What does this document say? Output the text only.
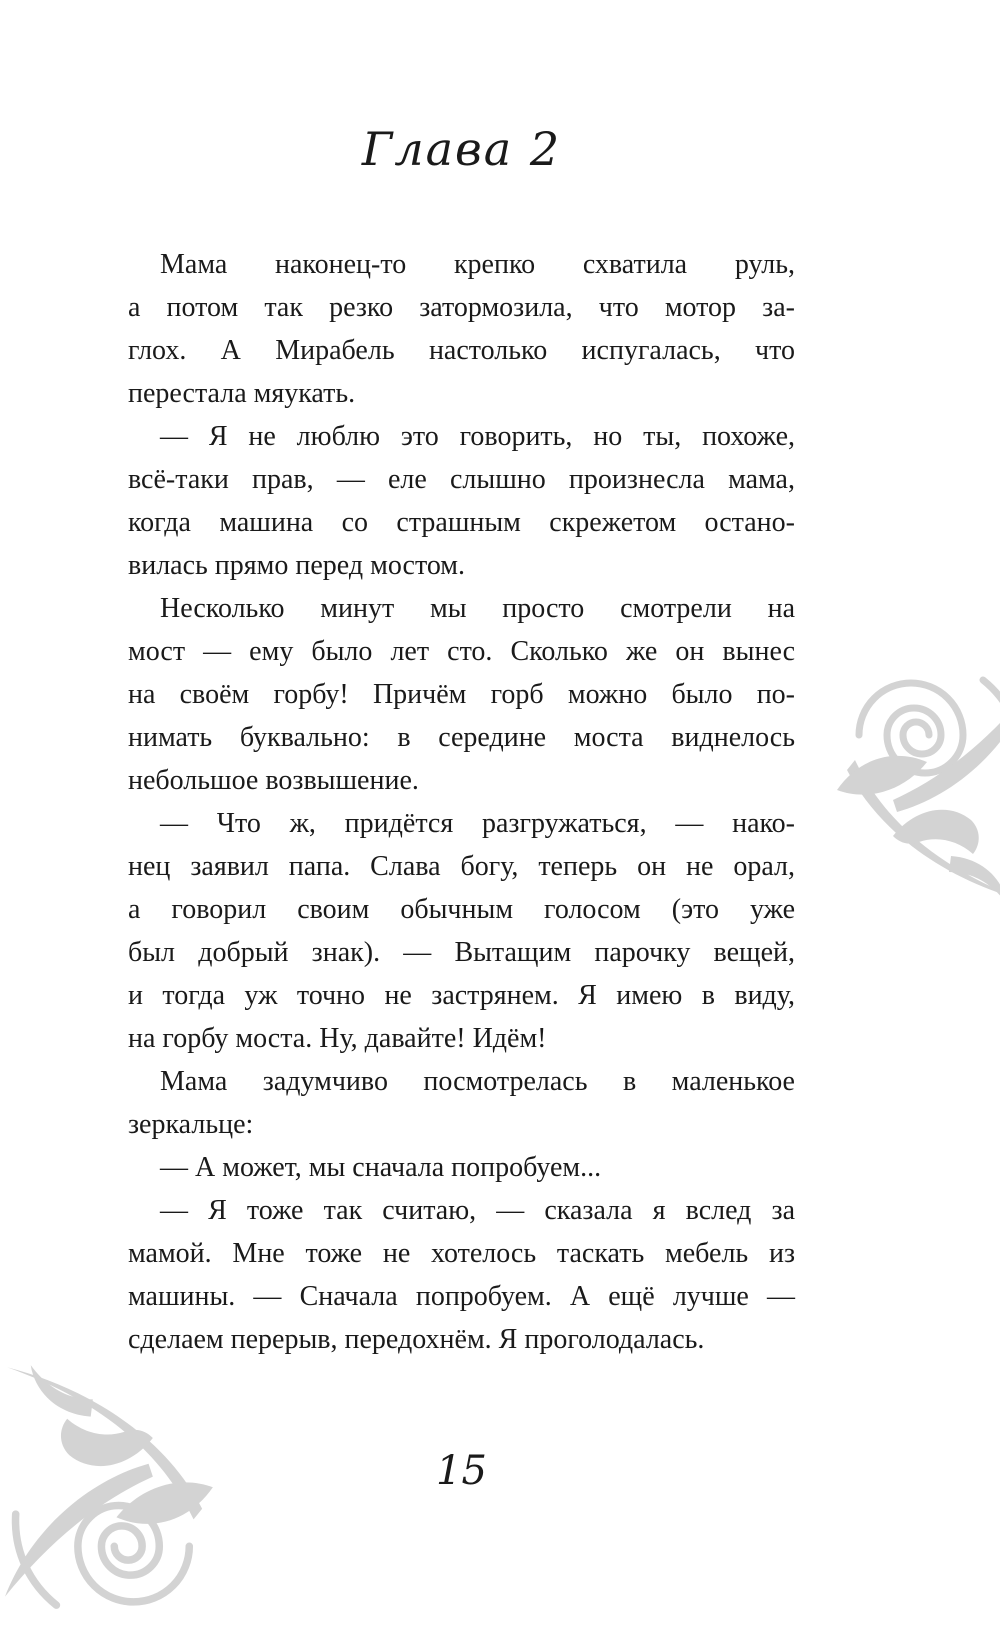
Глава 2
Мама наконец-то крепко схватила руль,
а потом так резко затормозила, что мотор за-
глох. А Мирабель настолько испугалась, что
перестала мяукать.
— Я не люблю это говорить, но ты, похоже,
всё-таки прав, — еле слышно произнесла мама,
когда машина со страшным скрежетом остано-
вилась прямо перед мостом.
Несколько минут мы просто смотрели на
мост — ему было лет сто. Сколько же он вынес
на своём горбу! Причём горб можно было по-
нимать буквально: в середине моста виднелось
небольшое возвышение.
— Что ж, придётся разгружаться, — нако-
нец заявил папа. Слава богу, теперь он не орал,
а говорил своим обычным голосом (это уже
был добрый знак). — Вытащим парочку вещей,
и тогда уж точно не застрянем. Я имею в виду,
на горбу моста. Ну, давайте! Идём!
Мама задумчиво посмотрелась в маленькое
зеркальце:
— А может, мы сначала попробуем...
— Я тоже так считаю, — сказала я вслед за
мамой. Мне тоже не хотелось таскать мебель из
машины. — Сначала попробуем. А ещё лучше —
сделаем перерыв, передохнём. Я проголодалась.
15
